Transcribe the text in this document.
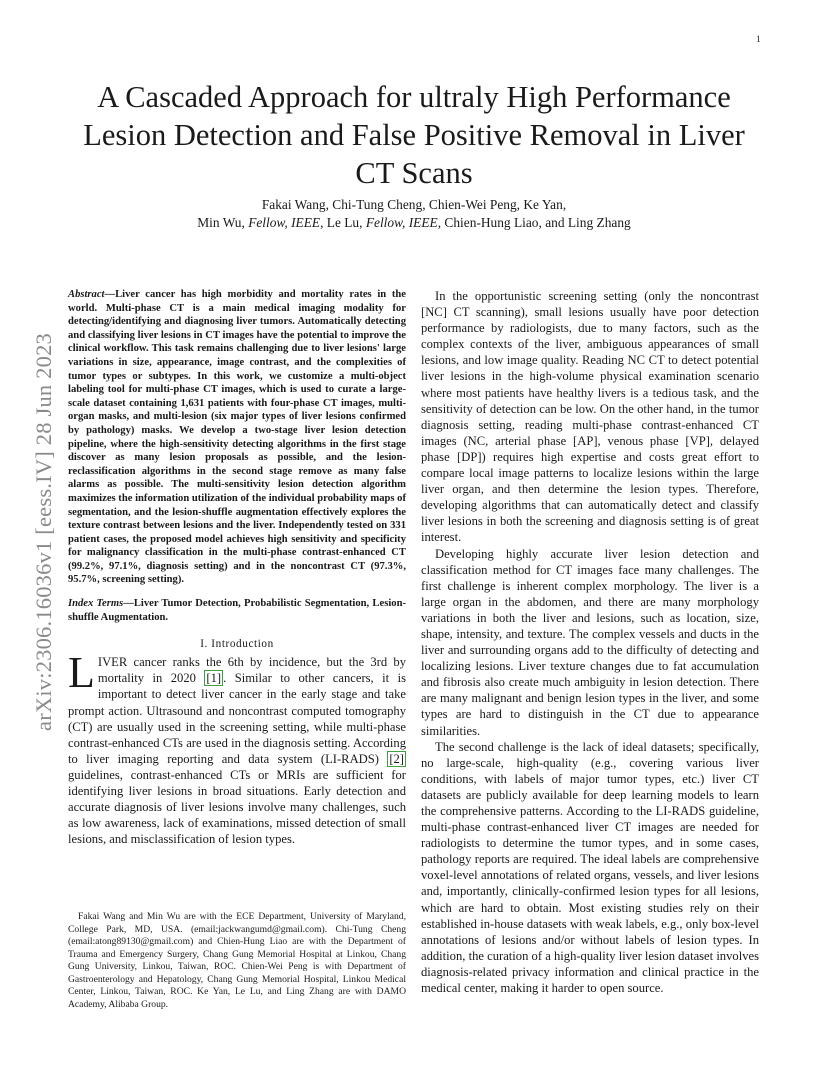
1
arXiv:2306.16036v1 [eess.IV] 28 Jun 2023
A Cascaded Approach for ultraly High Performance Lesion Detection and False Positive Removal in Liver CT Scans
Fakai Wang, Chi-Tung Cheng, Chien-Wei Peng, Ke Yan,
Min Wu, Fellow, IEEE, Le Lu, Fellow, IEEE, Chien-Hung Liao, and Ling Zhang

Abstract—Liver cancer has high morbidity and mortality rates in the world. Multi-phase CT is a main medical imaging modality for detecting/identifying and diagnosing liver tumors. Automatically detecting and classifying liver lesions in CT images have the potential to improve the clinical workflow. This task remains challenging due to liver lesions' large variations in size, appearance, image contrast, and the complexities of tumor types or subtypes. In this work, we customize a multi-object labeling tool for multi-phase CT images, which is used to curate a large-scale dataset containing 1,631 patients with four-phase CT images, multi-organ masks, and multi-lesion (six major types of liver lesions confirmed by pathology) masks. We develop a two-stage liver lesion detection pipeline, where the high-sensitivity detecting algorithms in the first stage discover as many lesion proposals as possible, and the lesion-reclassification algorithms in the second stage remove as many false alarms as possible. The multi-sensitivity lesion detection algorithm maximizes the information utilization of the individual probability maps of segmentation, and the lesion-shuffle augmentation effectively explores the texture contrast between lesions and the liver. Independently tested on 331 patient cases, the proposed model achieves high sensitivity and specificity for malignancy classification in the multi-phase contrast-enhanced CT (99.2%, 97.1%, diagnosis setting) and in the noncontrast CT (97.3%, 95.7%, screening setting).

Index Terms—Liver Tumor Detection, Probabilistic Segmentation, Lesion-shuffle Augmentation.

I. Introduction

LIVER cancer ranks the 6th by incidence, but the 3rd by mortality in 2020 [1] . Similar to other cancers, it is important to detect liver cancer in the early stage and take prompt action. Ultrasound and noncontrast computed tomography (CT) are usually used in the screening setting, while multi-phase contrast-enhanced CTs are used in the diagnosis setting. According to liver imaging reporting and data system (LI-RADS) [2] guidelines, contrast-enhanced CTs or MRIs are sufficient for identifying liver lesions in broad situations. Early detection and accurate diagnosis of liver lesions involve many challenges, such as low awareness, lack of examinations, missed detection of small lesions, and misclassification of lesion types.

Fakai Wang and Min Wu are with the ECE Department, University of Maryland, College Park, MD, USA. (email:jackwangumd@gmail.com). Chi-Tung Cheng (email:atong89130@gmail.com) and Chien-Hung Liao are with the Department of Trauma and Emergency Surgery, Chang Gung Memorial Hospital at Linkou, Chang Gung University, Linkou, Taiwan, ROC. Chien-Wei Peng is with Department of Gastroenterology and Hepatology, Chang Gung Memorial Hospital, Linkou Medical Center, Linkou, Taiwan, ROC. Ke Yan, Le Lu, and Ling Zhang are with DAMO Academy, Alibaba Group.

In the opportunistic screening setting (only the noncontrast [NC] CT scanning), small lesions usually have poor detection performance by radiologists, due to many factors, such as the complex contexts of the liver, ambiguous appearances of small lesions, and low image quality. Reading NC CT to detect potential liver lesions in the high-volume physical examination scenario where most patients have healthy livers is a tedious task, and the sensitivity of detection can be low. On the other hand, in the tumor diagnosis setting, reading multi-phase contrast-enhanced CT images (NC, arterial phase [AP], venous phase [VP], delayed phase [DP]) requires high expertise and costs great effort to compare local image patterns to localize lesions within the large liver organ, and then determine the lesion types. Therefore, developing algorithms that can automatically detect and classify liver lesions in both the screening and diagnosis setting is of great interest.

Developing highly accurate liver lesion detection and classification method for CT images face many challenges. The first challenge is inherent complex morphology. The liver is a large organ in the abdomen, and there are many morphology variations in both the liver and lesions, such as location, size, shape, intensity, and texture. The complex vessels and ducts in the liver and surrounding organs add to the difficulty of detecting and localizing lesions. Liver texture changes due to fat accumulation and fibrosis also create much ambiguity in lesion detection. There are many malignant and benign lesion types in the liver, and some types are hard to distinguish in the CT due to appearance similarities.

The second challenge is the lack of ideal datasets; specifically, no large-scale, high-quality (e.g., covering various liver conditions, with labels of major tumor types, etc.) liver CT datasets are publicly available for deep learning models to learn the comprehensive patterns. According to the LI-RADS guideline, multi-phase contrast-enhanced liver CT images are needed for radiologists to determine the tumor types, and in some cases, pathology reports are required. The ideal labels are comprehensive voxel-level annotations of related organs, vessels, and liver lesions and, importantly, clinically-confirmed lesion types for all lesions, which are hard to obtain. Most existing studies rely on their established in-house datasets with weak labels, e.g., only box-level annotations of lesions and/or without labels of lesion types. In addition, the curation of a high-quality liver lesion dataset involves diagnosis-related privacy information and clinical practice in the medical center, making it harder to open source.
